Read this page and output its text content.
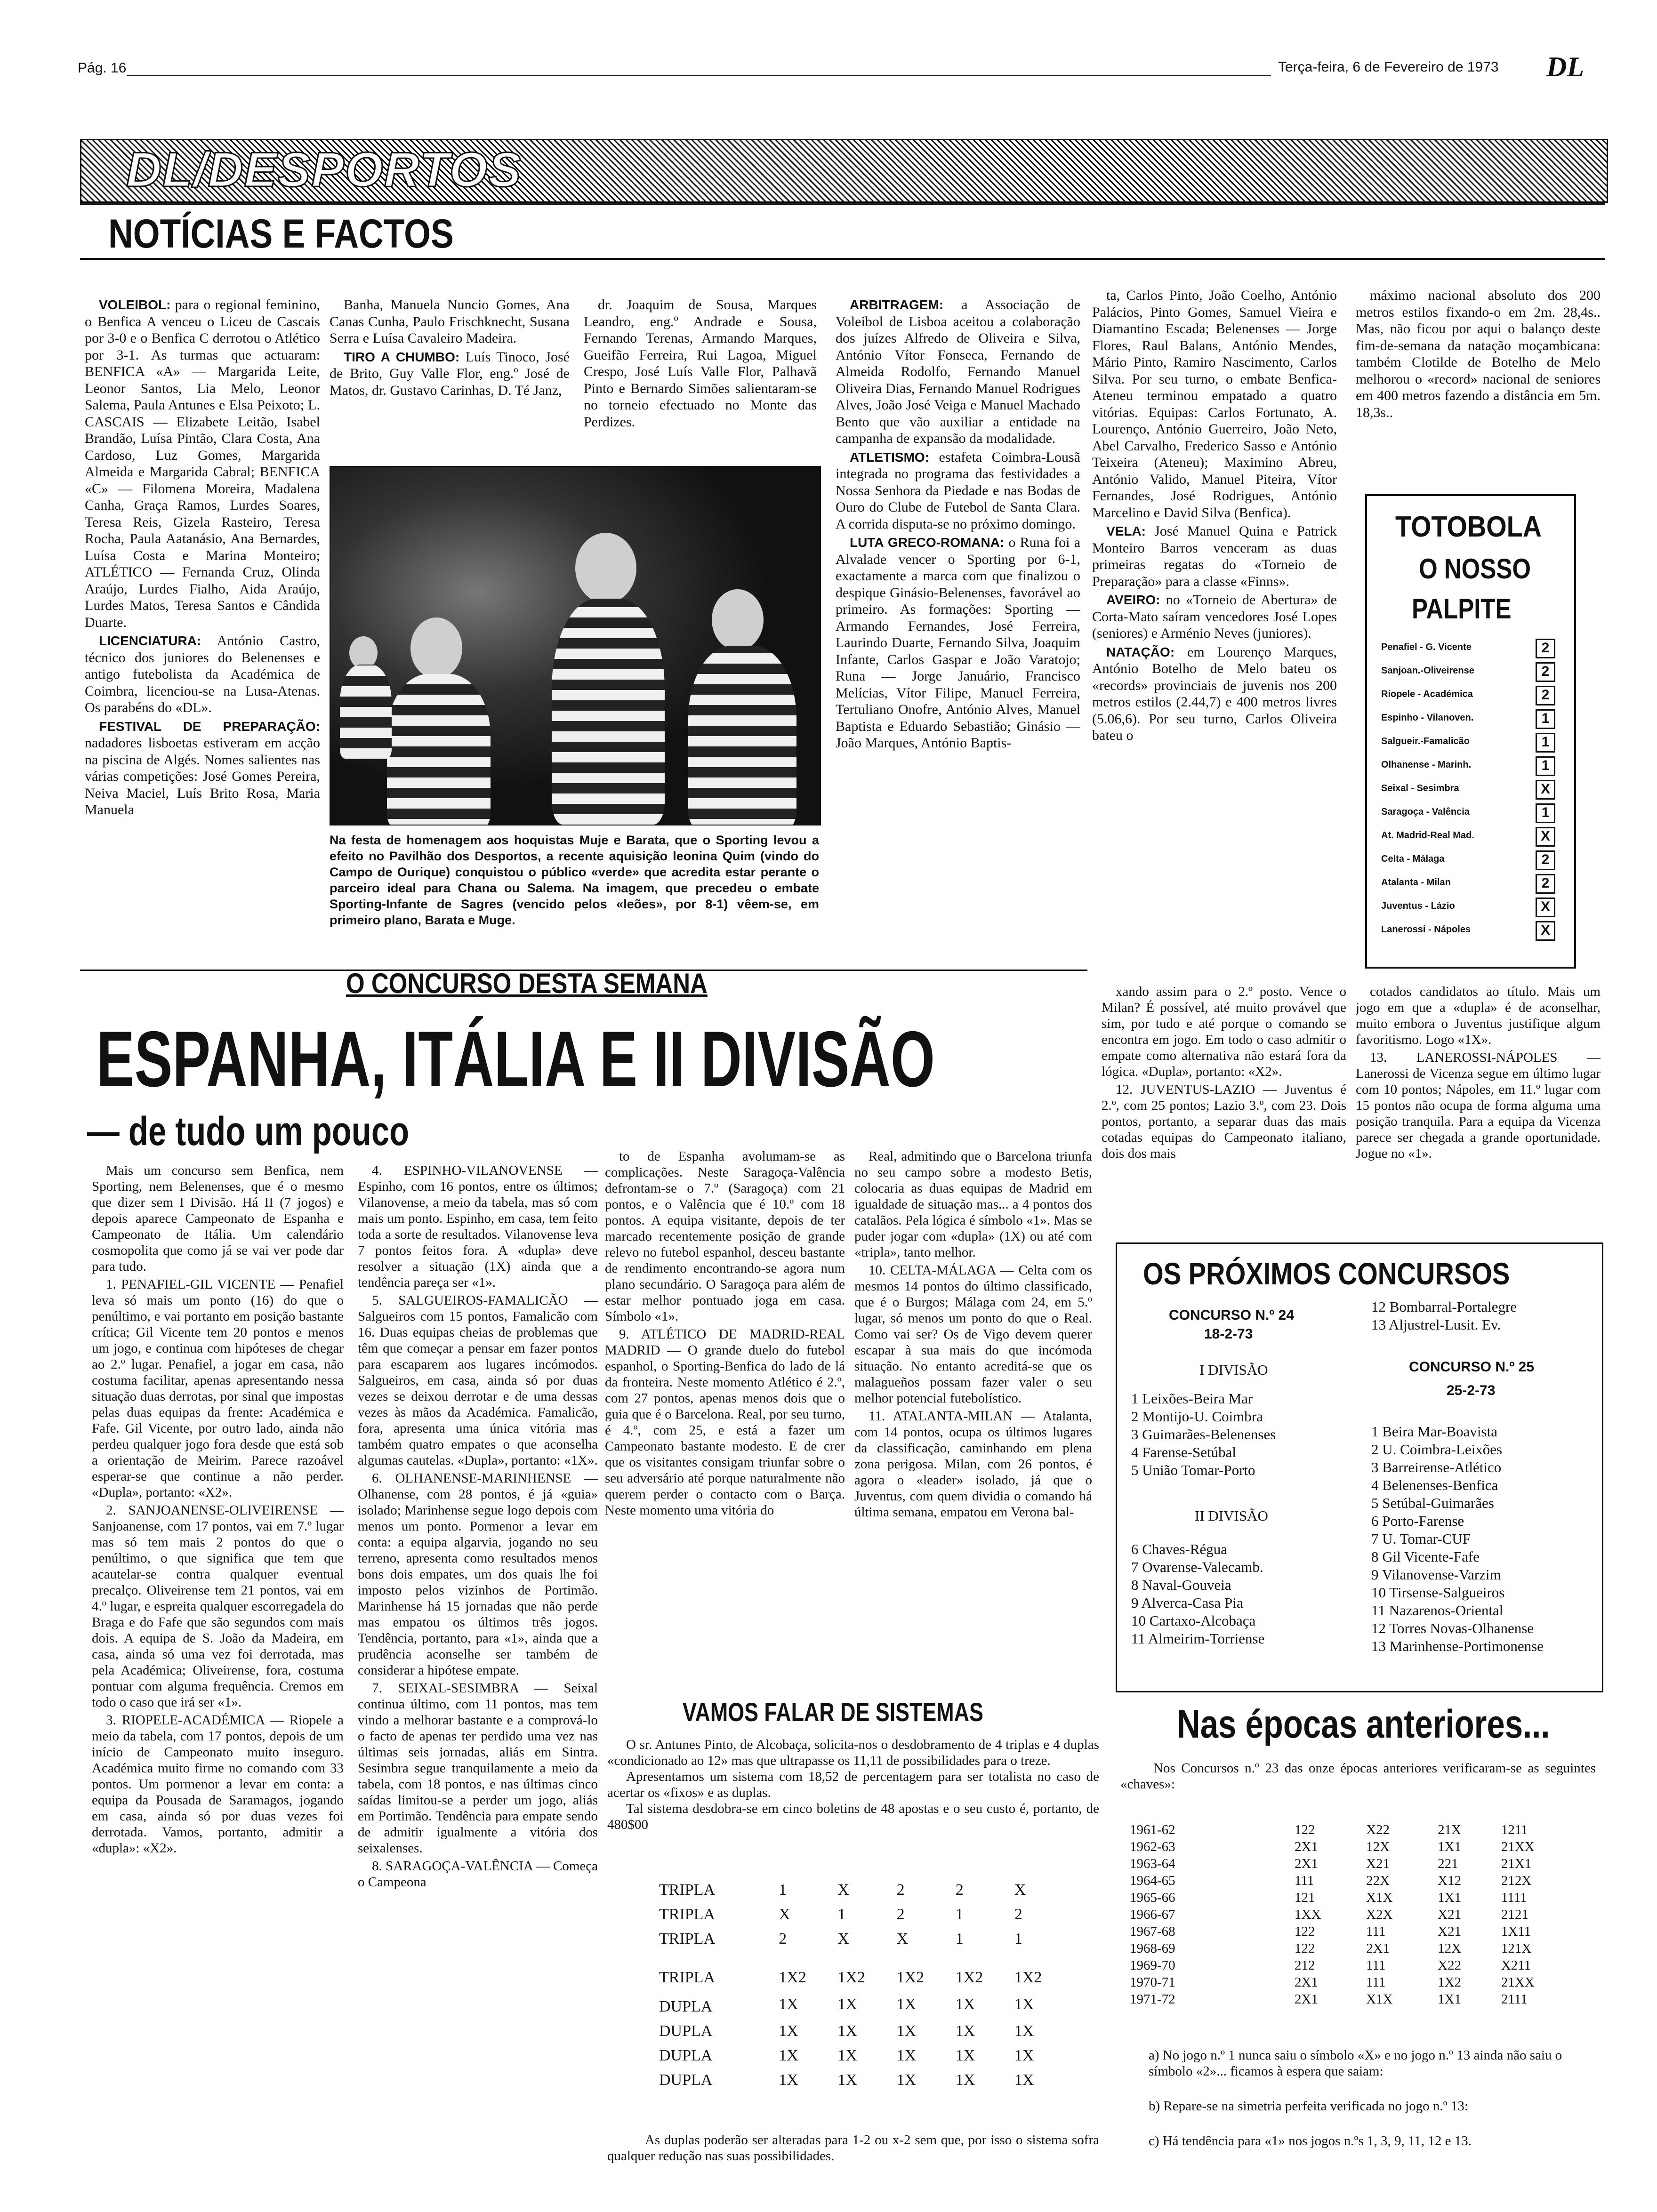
Pág. 16	Terça-feira, 6 de Fevereiro de 1973 DL
DL/DESPORTOS
NOTÍCIAS E FACTOS

VOLEIBOL: para o regional feminino, o Benfica A venceu o Liceu de Cascais por 3-0 e o Benfica C derrotou o Atlético por 3-1. As turmas que actuaram: BENFICA «A» — Margarida Leite, Leonor Santos, Lia Melo, Leonor Salema, Paula Antunes e Elsa Peixoto; L. CASCAIS — Elizabete Leitão, Isabel Brandão, Luísa Pintão, Clara Costa, Ana Cardoso, Luz Gomes, Margarida Almeida e Margarida Cabral; BENFICA «C» — Filomena Moreira, Madalena Canha, Graça Ramos, Lurdes Soares, Teresa Reis, Gizela Rasteiro, Teresa Rocha, Paula Aatanásio, Ana Bernardes, Luísa Costa e Marina Monteiro; ATLÉTICO — Fernanda Cruz, Olinda Araújo, Lurdes Fialho, Aida Araújo, Lurdes Matos, Teresa Santos e Cândida Duarte.

LICENCIATURA: António Castro, técnico dos juniores do Belenenses e antigo futebolista da Académica de Coimbra, licenciou-se na Lusa-Atenas. Os parabéns do «DL».

FESTIVAL DE PREPARAÇÃO: nadadores lisboetas estiveram em acção na piscina de Algés. Nomes salientes nas várias competições: José Gomes Pereira, Neiva Maciel, Luís Brito Rosa, Maria Manuela

Banha, Manuela Nuncio Gomes, Ana Canas Cunha, Paulo Frischknecht, Susana Serra e Luísa Cavaleiro Madeira.

TIRO A CHUMBO: Luís Tinoco, José de Brito, Guy Valle Flor, eng.º José de Matos, dr. Gustavo Carinhas, D. Té Janz,

dr. Joaquim de Sousa, Marques Leandro, eng.º Andrade e Sousa, Fernando Terenas, Armando Marques, Gueifão Ferreira, Rui Lagoa, Miguel Crespo, José Luís Valle Flor, Palhavã Pinto e Bernardo Simões salientaram-se no torneio efectuado no Monte das Perdizes.

Na festa de homenagem aos hoquistas Muje e Barata, que o Sporting levou a efeito no Pavilhão dos Desportos, a recente aquisição leonina Quim (vindo do Campo de Ourique) conquistou o público «verde» que acredita estar perante o parceiro ideal para Chana ou Salema. Na imagem, que precedeu o embate Sporting-Infante de Sagres (vencido pelos «leões», por 8-1) vêem-se, em primeiro plano, Barata e Muge.

ARBITRAGEM: a Associação de Voleibol de Lisboa aceitou a colaboração dos juízes Alfredo de Oliveira e Silva, António Vítor Fonseca, Fernando de Almeida Rodolfo, Fernando Manuel Oliveira Dias, Fernando Manuel Rodrigues Alves, João José Veiga e Manuel Machado Bento que vão auxiliar a entidade na campanha de expansão da modalidade.

ATLETISMO: estafeta Coimbra-Lousã integrada no programa das festividades a Nossa Senhora da Piedade e nas Bodas de Ouro do Clube de Futebol de Santa Clara. A corrida disputa-se no próximo domingo.

LUTA GRECO-ROMANA: o Runa foi a Alvalade vencer o Sporting por 6-1, exactamente a marca com que finalizou o despique Ginásio-Belenenses, favorável ao primeiro. As formações: Sporting — Armando Fernandes, José Ferreira, Laurindo Duarte, Fernando Silva, Joaquim Infante, Carlos Gaspar e João Varatojo; Runa — Jorge Januário, Francisco Melícias, Vítor Filipe, Manuel Ferreira, Tertuliano Onofre, António Alves, Manuel Baptista e Eduardo Sebastião; Ginásio — João Marques, António Baptis-

ta, Carlos Pinto, João Coelho, António Palácios, Pinto Gomes, Samuel Vieira e Diamantino Escada; Belenenses — Jorge Flores, Raul Balans, António Mendes, Mário Pinto, Ramiro Nascimento, Carlos Silva. Por seu turno, o embate Benfica-Ateneu terminou empatado a quatro vitórias. Equipas: Carlos Fortunato, A. Lourenço, António Guerreiro, João Neto, Abel Carvalho, Frederico Sasso e António Teixeira (Ateneu); Maximino Abreu, António Valido, Manuel Piteira, Vítor Fernandes, José Rodrigues, António Marcelino e David Silva (Benfica).

VELA: José Manuel Quina e Patrick Monteiro Barros venceram as duas primeiras regatas do «Torneio de Preparação» para a classe «Finns».

AVEIRO: no «Torneio de Abertura» de Corta-Mato saíram vencedores José Lopes (seniores) e Arménio Neves (juniores).

NATAÇÃO: em Lourenço Marques, António Botelho de Melo bateu os «records» provinciais de juvenis nos 200 metros estilos (2.44,7) e 400 metros livres (5.06,6). Por seu turno, Carlos Oliveira bateu o

máximo nacional absoluto dos 200 metros estilos fixando-o em 2m. 28,4s.. Mas, não ficou por aqui o balanço deste fim-de-semana da natação moçambicana: também Clotilde de Botelho de Melo melhorou o «record» nacional de seniores em 400 metros fazendo a distância em 5m. 18,3s..

TOTOBOLA
O NOSSO
PALPITE
Penafiel - G. Vicente	2
Sanjoan.-Oliveirense	2
Riopele - Académica	2
Espinho - Vilanoven.	1
Salgueir.-Famalicão	1
Olhanense - Marinh.	1
Seixal - Sesimbra	X
Saragoça - Valência	1
At. Madrid-Real Mad.	X
Celta - Málaga	2
Atalanta - Milan	2
Juventus - Lázio	X
Lanerossi - Nápoles	X
O CONCURSO DESTA SEMANA
ESPANHA, ITÁLIA E II DIVISÃO
— de tudo um pouco

Mais um concurso sem Benfica, nem Sporting, nem Belenenses, que é o mesmo que dizer sem I Divisão. Há II (7 jogos) e depois aparece Campeonato de Espanha e Campeonato de Itália. Um calendário cosmopolita que como já se vai ver pode dar para tudo.

1. PENAFIEL-GIL VICENTE — Penafiel leva só mais um ponto (16) do que o penúltimo, e vai portanto em posição bastante crítica; Gil Vicente tem 20 pontos e menos um jogo, e continua com hipóteses de chegar ao 2.º lugar. Penafiel, a jogar em casa, não costuma facilitar, apenas apresentando nessa situação duas derrotas, por sinal que impostas pelas duas equipas da frente: Académica e Fafe. Gil Vicente, por outro lado, ainda não perdeu qualquer jogo fora desde que está sob a orientação de Meirim. Parece razoável esperar-se que continue a não perder. «Dupla», portanto: «X2».

2. SANJOANENSE-OLIVEIRENSE — Sanjoanense, com 17 pontos, vai em 7.º lugar mas só tem mais 2 pontos do que o penúltimo, o que significa que tem que acautelar-se contra qualquer eventual precalço. Oliveirense tem 21 pontos, vai em 4.º lugar, e espreita qualquer escorregadela do Braga e do Fafe que são segundos com mais dois. A equipa de S. João da Madeira, em casa, ainda só uma vez foi derrotada, mas pela Académica; Oliveirense, fora, costuma pontuar com alguma frequência. Cremos em todo o caso que irá ser «1».

3. RIOPELE-ACADÉMICA — Riopele a meio da tabela, com 17 pontos, depois de um início de Campeonato muito inseguro. Académica muito firme no comando com 33 pontos. Um pormenor a levar em conta: a equipa da Pousada de Saramagos, jogando em casa, ainda só por duas vezes foi derrotada. Vamos, portanto, admitir a «dupla»: «X2».

4. ESPINHO-VILANOVENSE — Espinho, com 16 pontos, entre os últimos; Vilanovense, a meio da tabela, mas só com mais um ponto. Espinho, em casa, tem feito toda a sorte de resultados. Vilanovense leva 7 pontos feitos fora. A «dupla» deve resolver a situação (1X) ainda que a tendência pareça ser «1».

5. SALGUEIROS-FAMALICÃO — Salgueiros com 15 pontos, Famalicão com 16. Duas equipas cheias de problemas que têm que começar a pensar em fazer pontos para escaparem aos lugares incómodos. Salgueiros, em casa, ainda só por duas vezes se deixou derrotar e de uma dessas vezes às mãos da Académica. Famalicão, fora, apresenta uma única vitória mas também quatro empates o que aconselha algumas cautelas. «Dupla», portanto: «1X».

6. OLHANENSE-MARINHENSE — Olhanense, com 28 pontos, é já «guia» isolado; Marinhense segue logo depois com menos um ponto. Pormenor a levar em conta: a equipa algarvia, jogando no seu terreno, apresenta como resultados menos bons dois empates, um dos quais lhe foi imposto pelos vizinhos de Portimão. Marinhense há 15 jornadas que não perde mas empatou os últimos três jogos. Tendência, portanto, para «1», ainda que a prudência aconselhe ser também de considerar a hipótese empate.

7. SEIXAL-SESIMBRA — Seixal continua último, com 11 pontos, mas tem vindo a melhorar bastante e a comprová-lo o facto de apenas ter perdido uma vez nas últimas seis jornadas, aliás em Sintra. Sesimbra segue tranquilamente a meio da tabela, com 18 pontos, e nas últimas cinco saídas limitou-se a perder um jogo, aliás em Portimão. Tendência para empate sendo de admitir igualmente a vitória dos seixalenses.

8. SARAGOÇA-VALÊNCIA — Começa o Campeona

to de Espanha avolumam-se as complicações. Neste Saragoça-Valência defrontam-se o 7.º (Saragoça) com 21 pontos, e o Valência que é 10.º com 18 pontos. A equipa visitante, depois de ter marcado recentemente posição de grande relevo no futebol espanhol, desceu bastante de rendimento encontrando-se agora num plano secundário. O Saragoça para além de estar melhor pontuado joga em casa. Símbolo «1».

9. ATLÉTICO DE MADRID-REAL MADRID — O grande duelo do futebol espanhol, o Sporting-Benfica do lado de lá da fronteira. Neste momento Atlético é 2.º, com 27 pontos, apenas menos dois que o guia que é o Barcelona. Real, por seu turno, é 4.º, com 25, e está a fazer um Campeonato bastante modesto. E de crer que os visitantes consigam triunfar sobre o seu adversário até porque naturalmente não querem perder o contacto com o Barça. Neste momento uma vitória do

Real, admitindo que o Barcelona triunfa no seu campo sobre a modesto Betis, colocaria as duas equipas de Madrid em igualdade de situação mas... a 4 pontos dos catalãos. Pela lógica é símbolo «1». Mas se puder jogar com «dupla» (1X) ou até com «tripla», tanto melhor.

10. CELTA-MÁLAGA — Celta com os mesmos 14 pontos do último classificado, que é o Burgos; Málaga com 24, em 5.º lugar, só menos um ponto do que o Real. Como vai ser? Os de Vigo devem querer escapar à sua mais do que incómoda situação. No entanto acreditá-se que os malagueños possam fazer valer o seu melhor potencial futebolístico.

11. ATALANTA-MILAN — Atalanta, com 14 pontos, ocupa os últimos lugares da classificação, caminhando em plena zona perigosa. Milan, com 26 pontos, é agora o «leader» isolado, já que o Juventus, com quem dividia o comando há última semana, empatou em Verona bal-

xando assim para o 2.º posto. Vence o Milan? É possível, até muito provável que sim, por tudo e até porque o comando se encontra em jogo. Em todo o caso admitir o empate como alternativa não estará fora da lógica. «Dupla», portanto: «X2».

12. JUVENTUS-LAZIO — Juventus é 2.º, com 25 pontos; Lazio 3.º, com 23. Dois pontos, portanto, a separar duas das mais cotadas equipas do Campeonato italiano, dois dos mais

cotados candidatos ao título. Mais um jogo em que a «dupla» é de aconselhar, muito embora o Juventus justifique algum favoritismo. Logo «1X».

13. LANEROSSI-NÁPOLES — Lanerossi de Vicenza segue em último lugar com 10 pontos; Nápoles, em 11.º lugar com 15 pontos não ocupa de forma alguma uma posição tranquila. Para a equipa da Vicenza parece ser chegada a grande oportunidade. Jogue no «1».

OS PRÓXIMOS CONCURSOS
CONCURSO N.º 24
18-2-73
I DIVISÃO
1 Leixões-Beira Mar
2 Montijo-U. Coimbra
3 Guimarães-Belenenses
4 Farense-Setúbal
5 União Tomar-Porto
II DIVISÃO
6 Chaves-Régua
7 Ovarense-Valecamb.
8 Naval-Gouveia
9 Alverca-Casa Pia
10 Cartaxo-Alcobaça
11 Almeirim-Torriense
12 Bombarral-Portalegre
13 Aljustrel-Lusit. Ev.
CONCURSO N.º 25
25-2-73
1 Beira Mar-Boavista
2 U. Coimbra-Leixões
3 Barreirense-Atlético
4 Belenenses-Benfica
5 Setúbal-Guimarães
6 Porto-Farense
7 U. Tomar-CUF
8 Gil Vicente-Fafe
9 Vilanovense-Varzim
10 Tirsense-Salgueiros
11 Nazarenos-Oriental
12 Torres Novas-Olhanense
13 Marinhense-Portimonense
VAMOS FALAR DE SISTEMAS

O sr. Antunes Pinto, de Alcobaça, solicita-nos o desdobramento de 4 triplas e 4 duplas «condicionado ao 12» mas que ultrapasse os 11,11 de possibilidades para o treze.

Apresentamos um sistema com 18,52 de percentagem para ser totalista no caso de acertar os «fixos» e as duplas.

Tal sistema desdobra-se em cinco boletins de 48 apostas e o seu custo é, portanto, de 480$00

TRIPLA	1	X	2	2	X
TRIPLA	X	1	2	1	2
TRIPLA	2	X	X	1	1
TRIPLA	1X2	1X2	1X2	1X2	1X2
DUPLA	1X	1X	1X	1X	1X
DUPLA	1X	1X	1X	1X	1X
DUPLA	1X	1X	1X	1X	1X
DUPLA	1X	1X	1X	1X	1X
As duplas poderão ser alteradas para 1-2 ou x-2 sem que, por isso o sistema sofra qualquer redução nas suas possibilidades.
Nas épocas anteriores...
Nos Concursos n.º 23 das onze épocas anteriores verificaram-se as seguintes «chaves»:
1961-62	122	X22	21X	1211
1962-63	2X1	12X	1X1	21XX
1963-64	2X1	X21	221	21X1
1964-65	111	22X	X12	212X
1965-66	121	X1X	1X1	1111
1966-67	1XX	X2X	X21	2121
1967-68	122	111	X21	1X11
1968-69	122	2X1	12X	121X
1969-70	212	111	X22	X211
1970-71	2X1	111	1X2	21XX
1971-72	2X1	X1X	1X1	2111

a) No jogo n.º 1 nunca saiu o símbolo «X» e no jogo n.º 13 ainda não saiu o símbolo «2»... ficamos à espera que saiam:

b) Repare-se na simetria perfeita verificada no jogo n.º 13:

c) Há tendência para «1» nos jogos n.ºs 1, 3, 9, 11, 12 e 13.
